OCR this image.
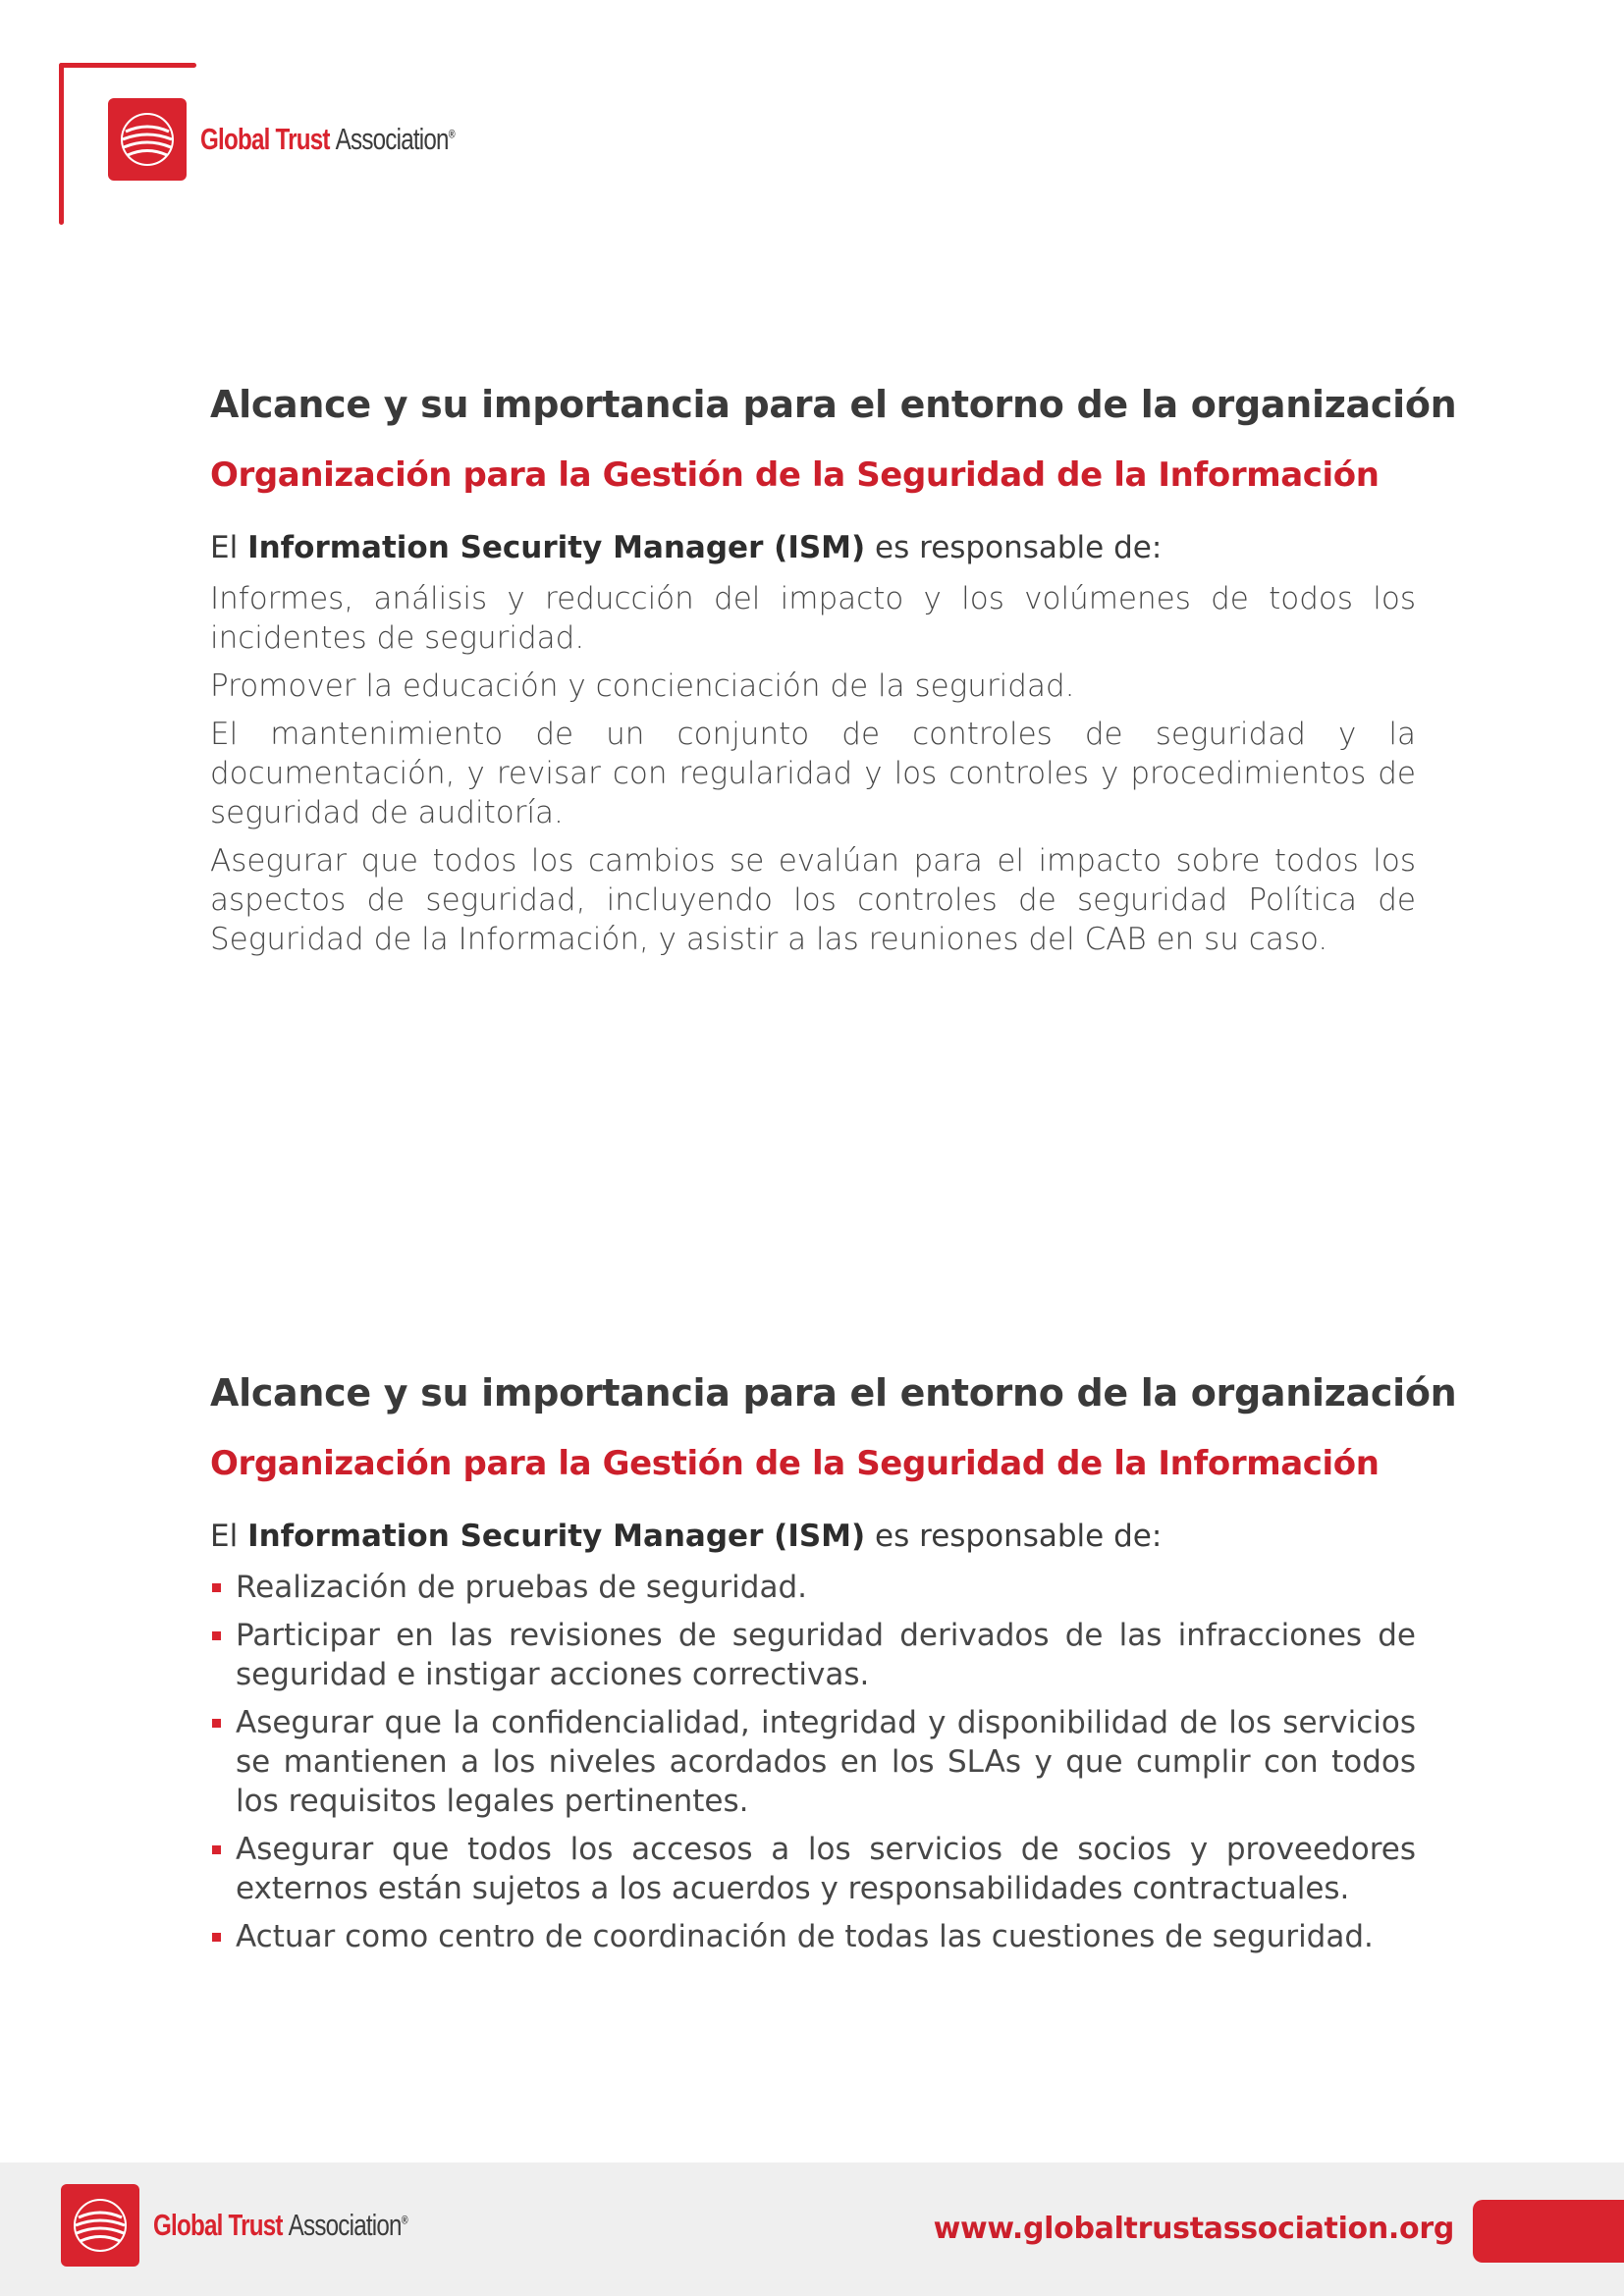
Global Trust Association®
Alcance y su importancia para el entorno de la organización
Organización para la Gestión de la Seguridad de la Información

El Information Security Manager (ISM) es responsable de:

Informes, análisis y reducción del impacto y los volúmenes de todos los incidentes de seguridad.

Promover la educación y concienciación de la seguridad.

El mantenimiento de un conjunto de controles de seguridad y la documentación, y revisar con regularidad y los controles y procedimientos de seguridad de auditoría.

Asegurar que todos los cambios se evalúan para el impacto sobre todos los aspectos de seguridad, incluyendo los controles de seguridad Política de Seguridad de la Información, y asistir a las reuniones del CAB en su caso.

Alcance y su importancia para el entorno de la organización
Organización para la Gestión de la Seguridad de la Información

El Information Security Manager (ISM) es responsable de:

Realización de pruebas de seguridad.
Participar en las revisiones de seguridad derivados de las infracciones de seguridad e instigar acciones correctivas.
Asegurar que la confidencialidad, integridad y disponibilidad de los servicios se mantienen a los niveles acordados en los SLAs y que cumplir con todos los requisitos legales pertinentes.
Asegurar que todos los accesos a los servicios de socios y proveedores externos están sujetos a los acuerdos y responsabilidades contractuales.
Actuar como centro de coordinación de todas las cuestiones de seguridad.
Global Trust Association®	www.globaltrustassociation.org
